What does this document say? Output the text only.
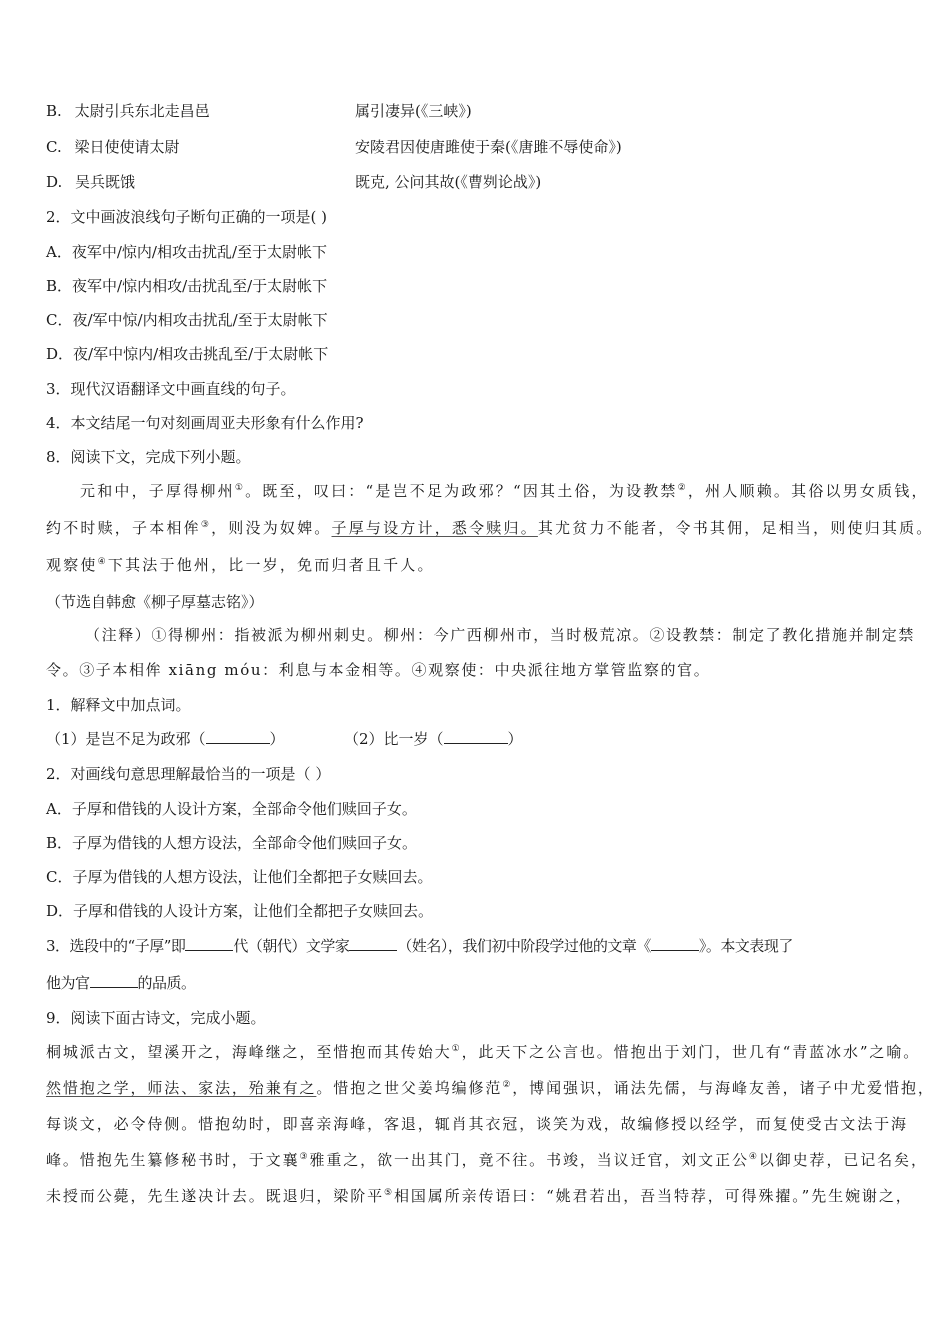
B. 太尉引兵东北走昌邑	属引凄异(《三峡》)
C. 梁日使使请太尉	安陵君因使唐雎使于秦(《唐雎不辱使命》)
D. 吴兵既饿	既克, 公问其故(《曹刿论战》)
2．文中画波浪线句子断句正确的一项是( )
A．夜军中/惊内/相攻击扰乱/至于太尉帐下
B．夜军中/惊内相攻/击扰乱至/于太尉帐下
C．夜/军中惊/内相攻击扰乱/至于太尉帐下
D．夜/军中惊内/相攻击挑乱至/于太尉帐下
3．现代汉语翻译文中画直线的句子。
4．本文结尾一句对刻画周亚夫形象有什么作用?
8．阅读下文，完成下列小题。
元和中，子厚得柳州①。既至，叹曰：“是岂不足为政邪？“因其土俗，为设教禁②，州人顺赖。其俗以男女质钱，
约不时赎，子本相侔③，则没为奴婢。子厚与设方计，悉令赎归。其尤贫力不能者，令书其佣，足相当，则使归其质。
观察使④下其法于他州，比一岁，免而归者且千人。
（节选自韩愈《柳子厚墓志铭》）
（注释）①得柳州：指被派为柳州刺史。柳州：今广西柳州市，当时极荒凉。②设教禁：制定了教化措施并制定禁
令。③子本相侔 xiāng móu：利息与本金相等。④观察使：中央派往地方掌管监察的官。
1．解释文中加点词。
（1）是岂不足为政邪（	）	（2）比一岁（	）
2．对画线句意思理解最恰当的一项是（ ）
A．子厚和借钱的人设计方案，全部命令他们赎回子女。
B．子厚为借钱的人想方设法，全部命令他们赎回子女。
C．子厚为借钱的人想方设法，让他们全都把子女赎回去。
D．子厚和借钱的人设计方案，让他们全都把子女赎回去。
3．选段中的“子厚”即	代（朝代）文学家	（姓名），我们初中阶段学过他的文章《	》。本文表现了
他为官	的品质。
9．阅读下面古诗文，完成小题。
桐城派古文，望溪开之，海峰继之，至惜抱而其传始大①，此天下之公言也。惜抱出于刘门，世几有“青蓝冰水”之喻。
然惜抱之学，师法、家法，殆兼有之。惜抱之世父姜坞编修范②，博闻强识，诵法先儒，与海峰友善，诸子中尤爱惜抱，
每谈文，必令侍侧。惜抱幼时，即喜亲海峰，客退，辄肖其衣冠，谈笑为戏，故编修授以经学，而复使受古文法于海
峰。惜抱先生纂修秘书时，于文襄③雅重之，欲一出其门，竟不往。书竣，当议迁官，刘文正公④以御史荐，已记名矣，
未授而公薨，先生遂决计去。既退归，梁阶平⑤相国属所亲传语曰：“姚君若出，吾当特荐，可得殊擢。”先生婉谢之，
